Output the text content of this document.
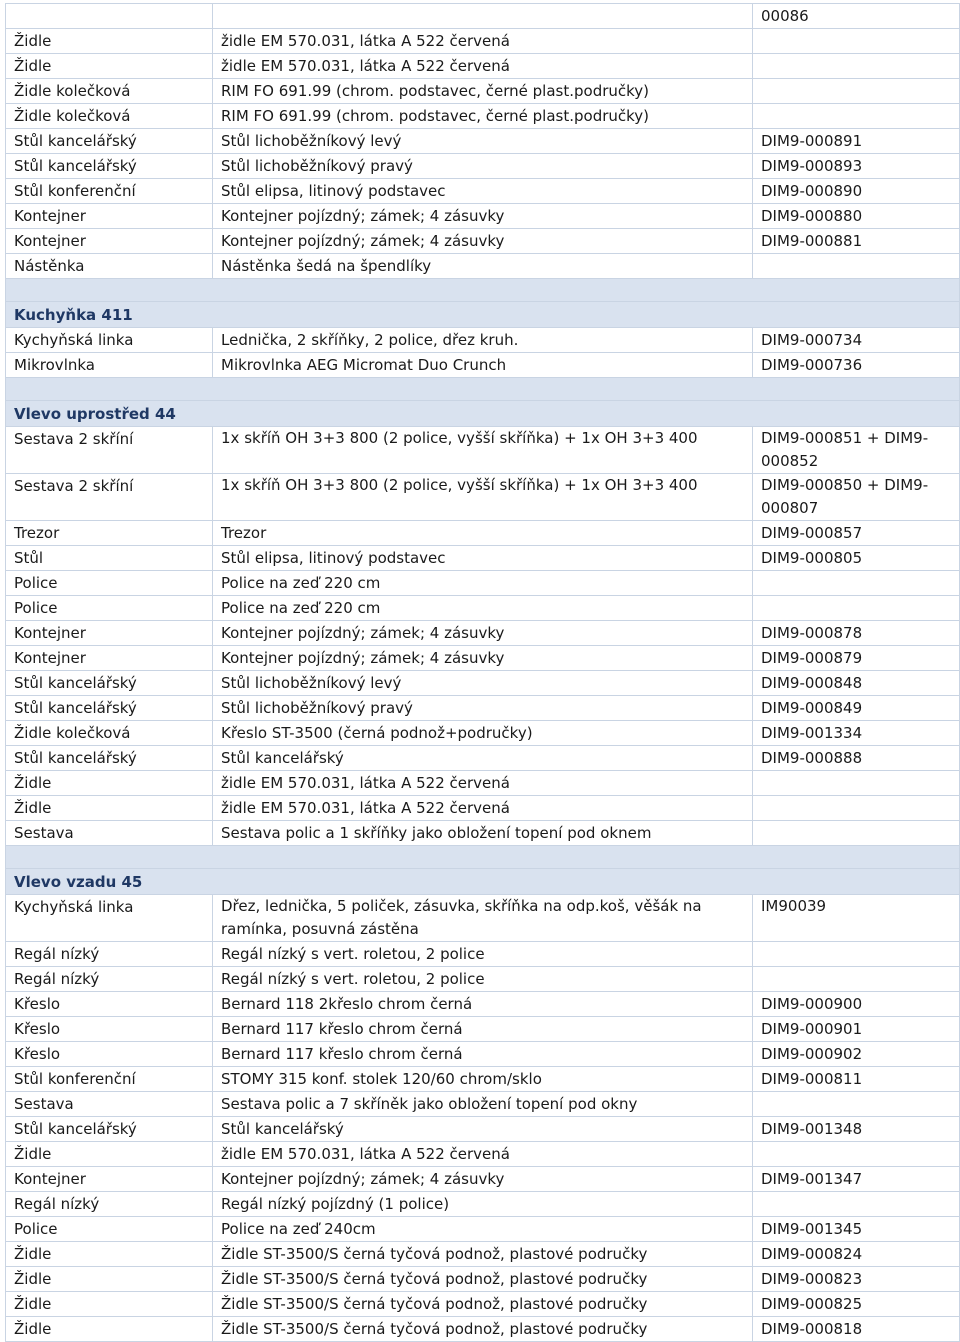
		00086
Židle	židle EM 570.031, látka A 522 červená	
Židle	židle EM 570.031, látka A 522 červená	
Židle kolečková	RIM FO 691.99 (chrom. podstavec, černé plast.područky)	
Židle kolečková	RIM FO 691.99 (chrom. podstavec, černé plast.područky)	
Stůl kancelářský	Stůl lichoběžníkový levý	DIM9-000891
Stůl kancelářský	Stůl lichoběžníkový pravý	DIM9-000893
Stůl konferenční	Stůl elipsa, litinový podstavec	DIM9-000890
Kontejner	Kontejner pojízdný; zámek; 4 zásuvky	DIM9-000880
Kontejner	Kontejner pojízdný; zámek; 4 zásuvky	DIM9-000881
Nástěnka	Nástěnka šedá na špendlíky	

Kuchyňka 411		
Kychyňská linka	Lednička, 2 skříňky, 2 police, dřez kruh.	DIM9-000734
Mikrovlnka	Mikrovlnka AEG Micromat Duo Crunch	DIM9-000736

Vlevo uprostřed 44		
Sestava 2 skříní	1x skříň OH 3+3 800 (2 police, vyšší skříňka) + 1x OH 3+3 400	DIM9-000851 + DIM9-000852
Sestava 2 skříní	1x skříň OH 3+3 800 (2 police, vyšší skříňka) + 1x OH 3+3 400	DIM9-000850 + DIM9-000807
Trezor	Trezor	DIM9-000857
Stůl	Stůl elipsa, litinový podstavec	DIM9-000805
Police	Police na zeď 220 cm	
Police	Police na zeď 220 cm	
Kontejner	Kontejner pojízdný; zámek; 4 zásuvky	DIM9-000878
Kontejner	Kontejner pojízdný; zámek; 4 zásuvky	DIM9-000879
Stůl kancelářský	Stůl lichoběžníkový levý	DIM9-000848
Stůl kancelářský	Stůl lichoběžníkový pravý	DIM9-000849
Židle kolečková	Křeslo ST-3500 (černá podnož+područky)	DIM9-001334
Stůl kancelářský	Stůl kancelářský	DIM9-000888
Židle	židle EM 570.031, látka A 522 červená	
Židle	židle EM 570.031, látka A 522 červená	
Sestava	Sestava polic a 1 skříňky jako obložení topení pod oknem	

Vlevo vzadu 45		
Kychyňská linka	Dřez, lednička, 5 poliček, zásuvka, skříňka na odp.koš, věšák na ramínka, posuvná zástěna	IM90039
Regál nízký	Regál nízký s vert. roletou, 2 police	
Regál nízký	Regál nízký s vert. roletou, 2 police	
Křeslo	Bernard 118 2křeslo chrom černá	DIM9-000900
Křeslo	Bernard 117 křeslo chrom černá	DIM9-000901
Křeslo	Bernard 117 křeslo chrom černá	DIM9-000902
Stůl konferenční	STOMY 315 konf. stolek 120/60 chrom/sklo	DIM9-000811
Sestava	Sestava polic a 7 skříněk jako obložení topení pod okny	
Stůl kancelářský	Stůl kancelářský	DIM9-001348
Židle	židle EM 570.031, látka A 522 červená	
Kontejner	Kontejner pojízdný; zámek; 4 zásuvky	DIM9-001347
Regál nízký	Regál nízký pojízdný (1 police)	
Police	Police na zeď 240cm	DIM9-001345
Židle	Židle ST-3500/S černá tyčová podnož, plastové područky	DIM9-000824
Židle	Židle ST-3500/S černá tyčová podnož, plastové područky	DIM9-000823
Židle	Židle ST-3500/S černá tyčová podnož, plastové područky	DIM9-000825
Židle	Židle ST-3500/S černá tyčová podnož, plastové područky	DIM9-000818
